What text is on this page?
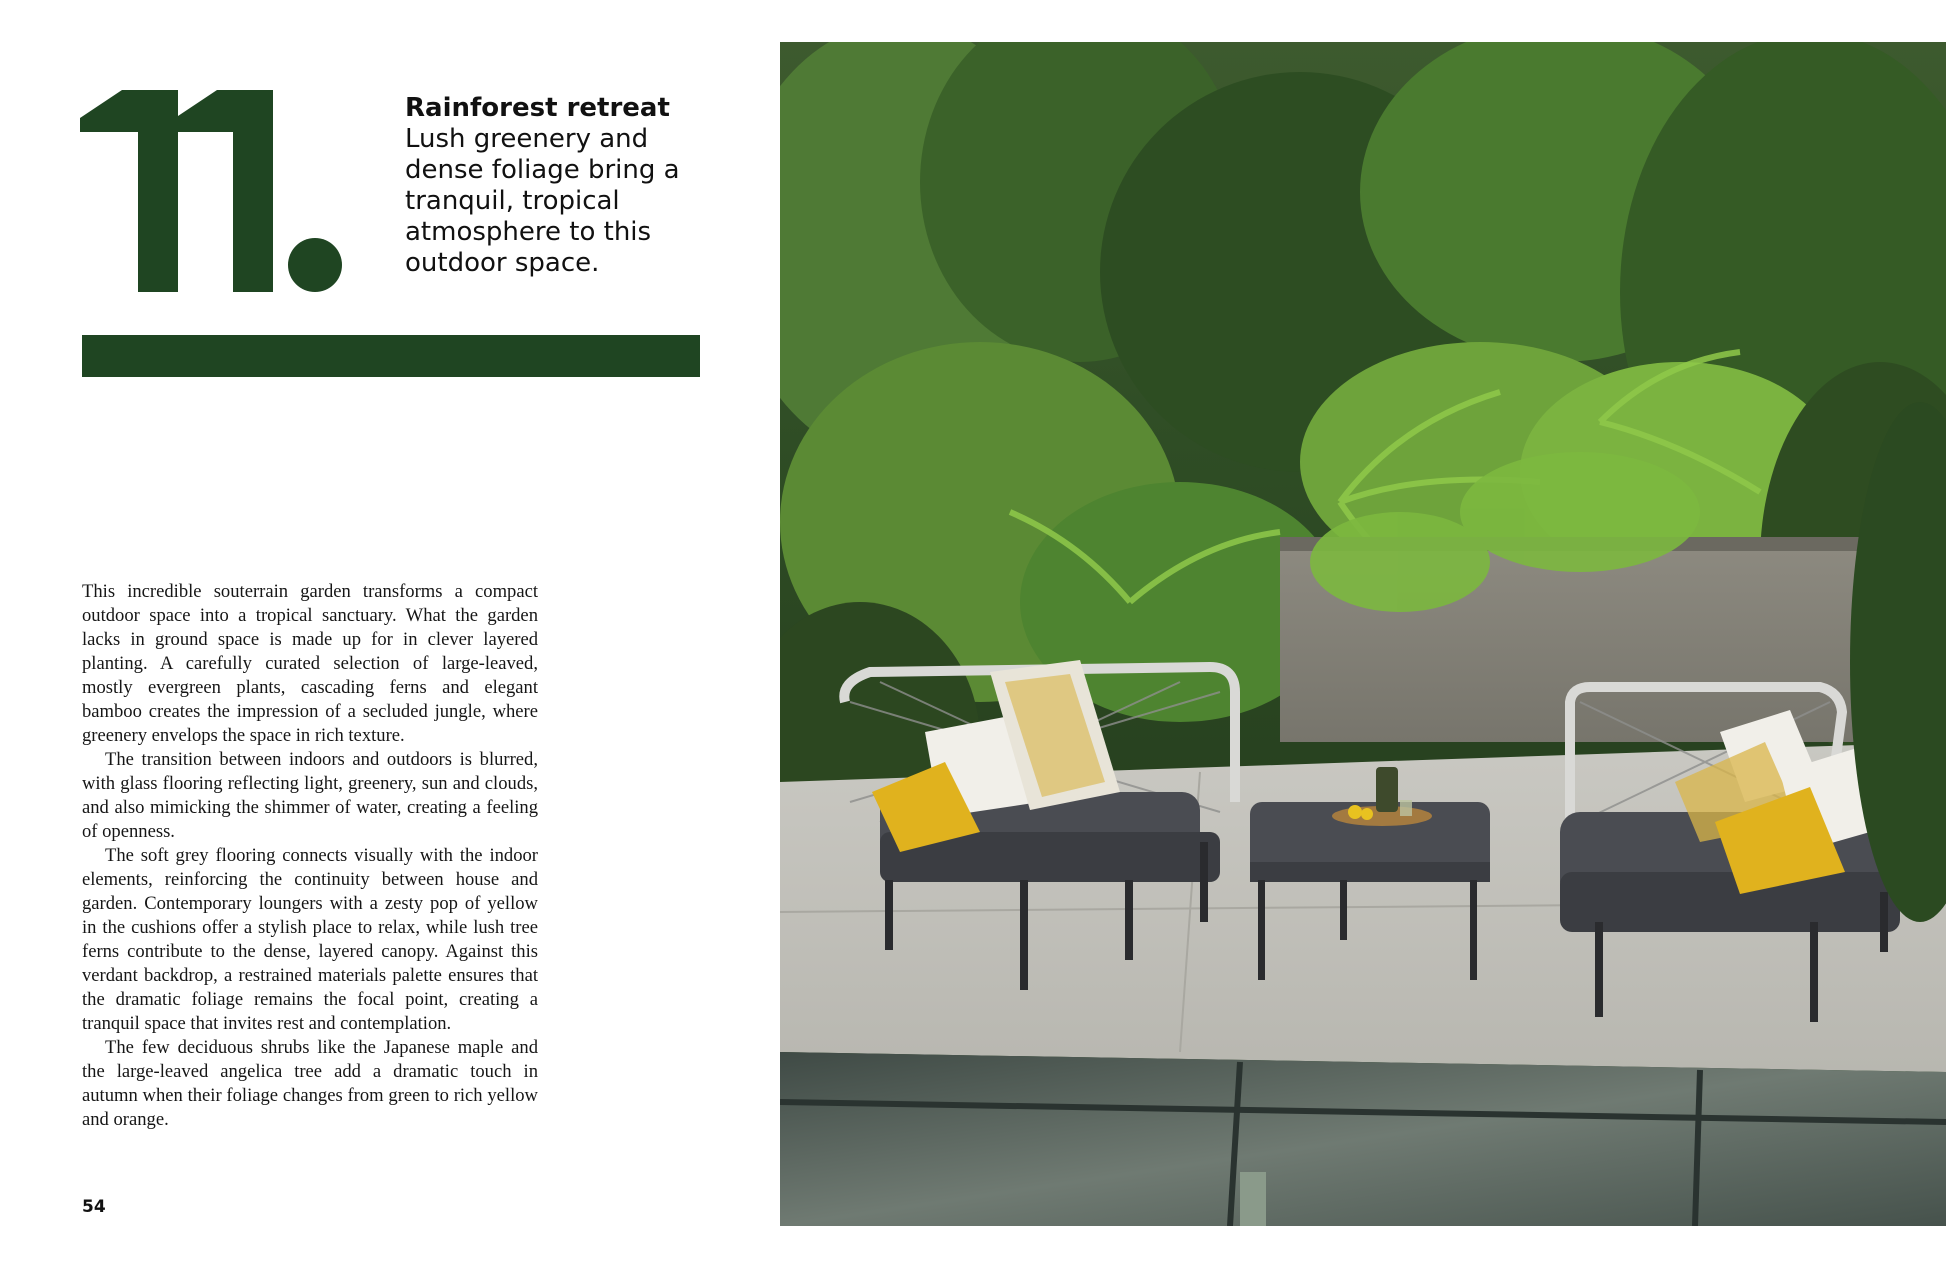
Rainforest retreat
Lush greenery and dense foliage bring a tranquil, tropical atmosphere to this outdoor space.

This incredible souterrain garden transforms a compact outdoor space into a tropical sanctuary. What the garden lacks in ground space is made up for in clever layered planting. A carefully curated selection of large-leaved, mostly evergreen plants, cascading ferns and elegant bamboo creates the impression of a secluded jungle, where greenery envelops the space in rich texture.

The transition between indoors and outdoors is blurred, with glass flooring reflecting light, greenery, sun and clouds, and also mimicking the shimmer of water, creating a feeling of openness.

The soft grey flooring connects visually with the indoor elements, reinforcing the continuity between house and garden. Contemporary loungers with a zesty pop of yellow in the cushions offer a stylish place to relax, while lush tree ferns contribute to the dense, layered canopy. Against this verdant backdrop, a restrained materials palette ensures that the dramatic foliage remains the focal point, creating a tranquil space that invites rest and contemplation.

The few deciduous shrubs like the Japanese maple and the large-leaved angelica tree add a dramatic touch in autumn when their foliage changes from green to rich yellow and orange.

54
